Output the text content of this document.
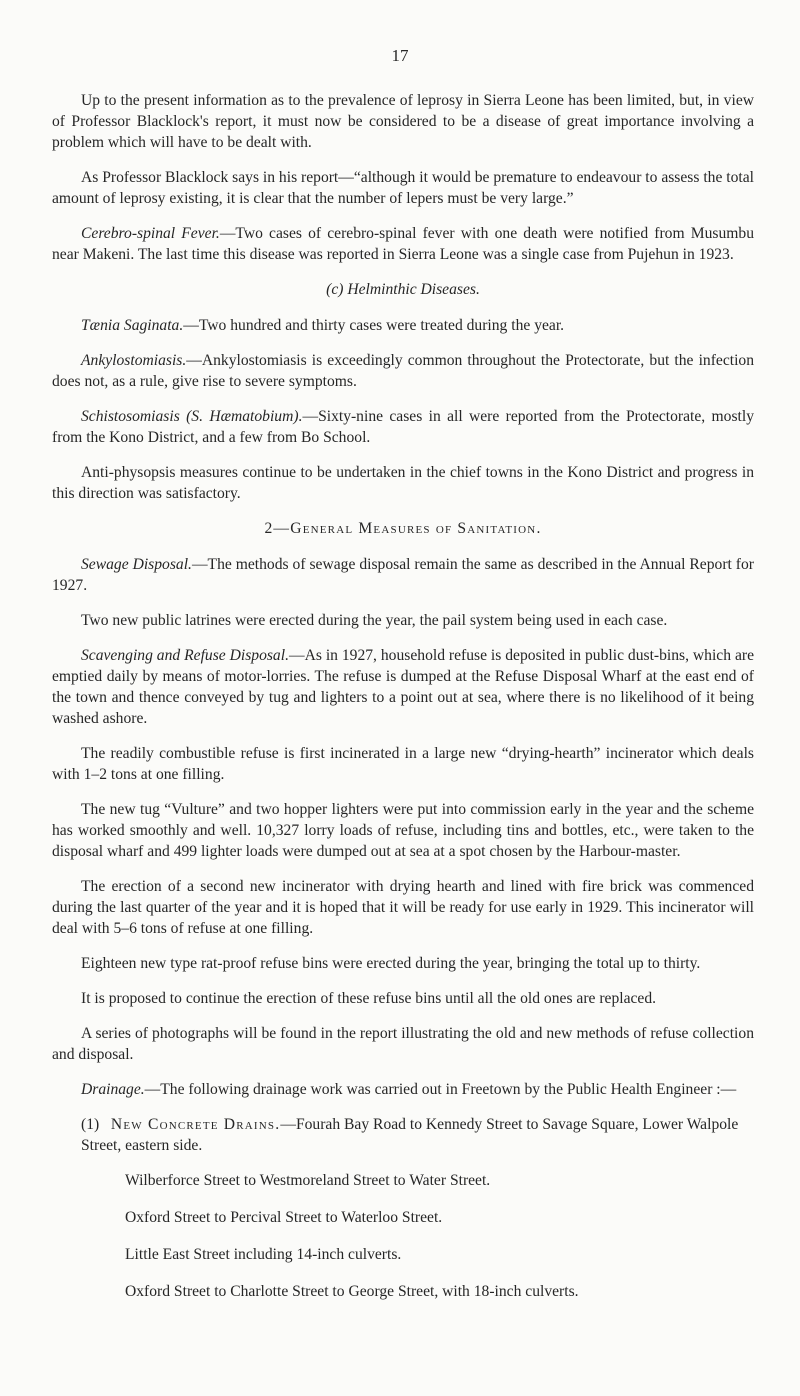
17

Up to the present information as to the prevalence of leprosy in Sierra Leone has been limited, but, in view of Professor Blacklock's report, it must now be considered to be a disease of great importance involving a problem which will have to be dealt with.

As Professor Blacklock says in his report—“although it would be premature to endeavour to assess the total amount of leprosy existing, it is clear that the number of lepers must be very large.”

Cerebro-spinal Fever.—Two cases of cerebro-spinal fever with one death were notified from Musumbu near Makeni. The last time this disease was reported in Sierra Leone was a single case from Pujehun in 1923.

(c) Helminthic Diseases.

Tænia Saginata.—Two hundred and thirty cases were treated during the year.

Ankylostomiasis.—Ankylostomiasis is exceedingly common throughout the Protectorate, but the infection does not, as a rule, give rise to severe symptoms.

Schistosomiasis (S. Hæmatobium).—Sixty-nine cases in all were reported from the Protectorate, mostly from the Kono District, and a few from Bo School.

Anti-physopsis measures continue to be undertaken in the chief towns in the Kono District and progress in this direction was satisfactory.

2—General Measures of Sanitation.

Sewage Disposal.—The methods of sewage disposal remain the same as described in the Annual Report for 1927.

Two new public latrines were erected during the year, the pail system being used in each case.

Scavenging and Refuse Disposal.—As in 1927, household refuse is deposited in public dust-bins, which are emptied daily by means of motor-lorries. The refuse is dumped at the Refuse Disposal Wharf at the east end of the town and thence conveyed by tug and lighters to a point out at sea, where there is no likelihood of it being washed ashore.

The readily combustible refuse is first incinerated in a large new “drying-hearth” incinerator which deals with 1–2 tons at one filling.

The new tug “Vulture” and two hopper lighters were put into commission early in the year and the scheme has worked smoothly and well. 10,327 lorry loads of refuse, including tins and bottles, etc., were taken to the disposal wharf and 499 lighter loads were dumped out at sea at a spot chosen by the Harbour-master.

The erection of a second new incinerator with drying hearth and lined with fire brick was commenced during the last quarter of the year and it is hoped that it will be ready for use early in 1929. This incinerator will deal with 5–6 tons of refuse at one filling.

Eighteen new type rat-proof refuse bins were erected during the year, bringing the total up to thirty.

It is proposed to continue the erection of these refuse bins until all the old ones are replaced.

A series of photographs will be found in the report illustrating the old and new methods of refuse collection and disposal.

Drainage.—The following drainage work was carried out in Freetown by the Public Health Engineer :—

(1) New Concrete Drains.—Fourah Bay Road to Kennedy Street to Savage Square, Lower Walpole Street, eastern side.

Wilberforce Street to Westmoreland Street to Water Street.

Oxford Street to Percival Street to Waterloo Street.

Little East Street including 14-inch culverts.

Oxford Street to Charlotte Street to George Street, with 18-inch culverts.
